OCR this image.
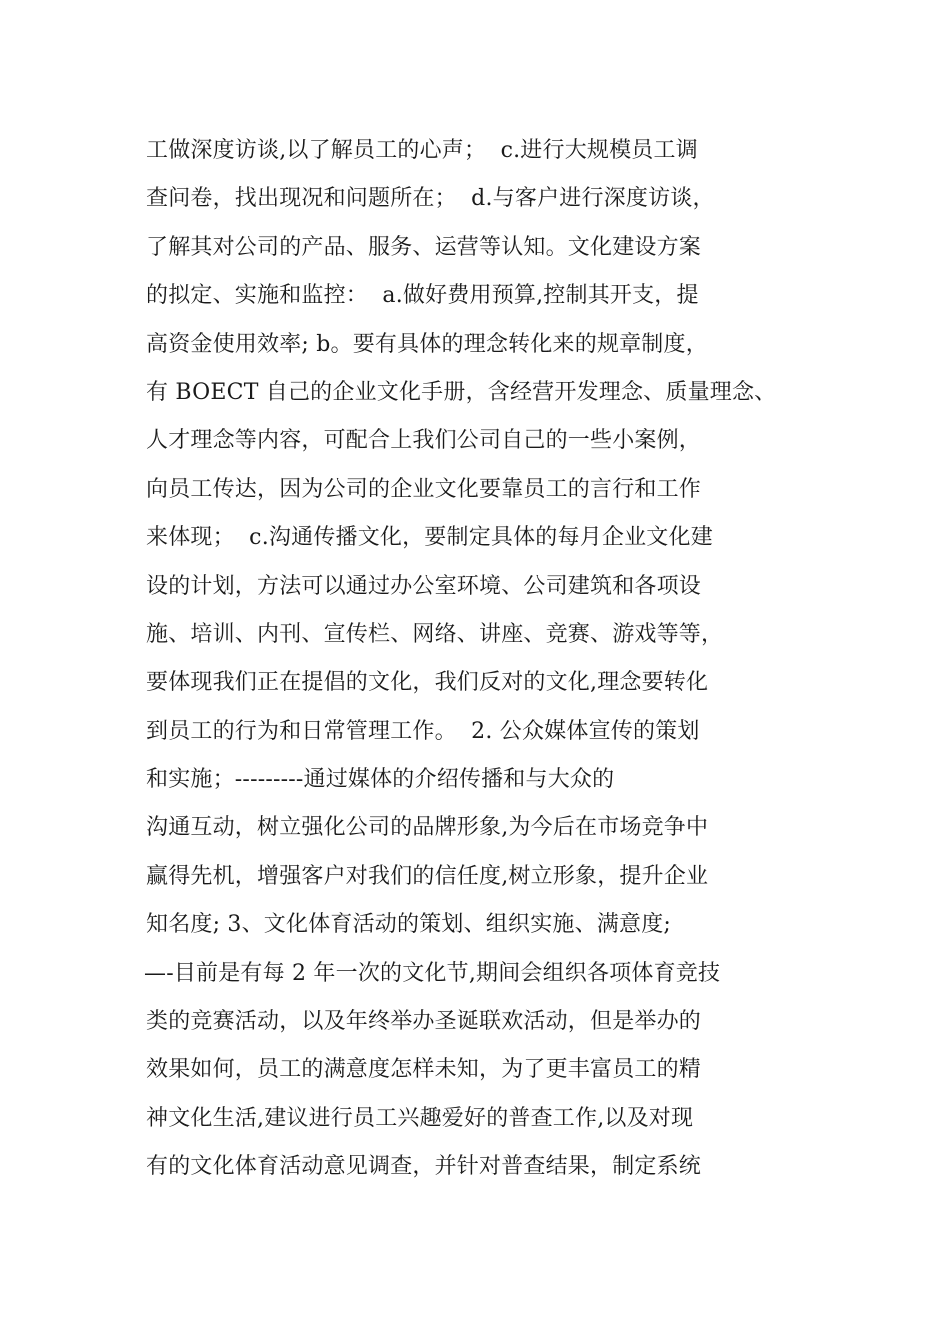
工做深度访谈,以了解员工的心声；  c.进行大规模员工调
查问卷，找出现况和问题所在；  d.与客户进行深度访谈，
了解其对公司的产品、服务、运营等认知。文化建设方案
的拟定、实施和监控：  a.做好费用预算,控制其开支，提
高资金使用效率; b。要有具体的理念转化来的规章制度，
有 BOECT 自己的企业文化手册，含经营开发理念、质量理念、
人才理念等内容，可配合上我们公司自己的一些小案例，
向员工传达，因为公司的企业文化要靠员工的言行和工作
来体现；  c.沟通传播文化，要制定具体的每月企业文化建
设的计划，方法可以通过办公室环境、公司建筑和各项设
施、培训、内刊、宣传栏、网络、讲座、竞赛、游戏等等，
要体现我们正在提倡的文化，我们反对的文化,理念要转化
到员工的行为和日常管理工作。  2. 公众媒体宣传的策划
和实施；---------通过媒体的介绍传播和与大众的
沟通互动，树立强化公司的品牌形象,为今后在市场竞争中
赢得先机，增强客户对我们的信任度,树立形象，提升企业
知名度; 3、文化体育活动的策划、组织实施、满意度;
—-目前是有每 2 年一次的文化节,期间会组织各项体育竞技
类的竞赛活动，以及年终举办圣诞联欢活动，但是举办的
效果如何，员工的满意度怎样未知，为了更丰富员工的精
神文化生活,建议进行员工兴趣爱好的普查工作,以及对现
有的文化体育活动意见调查，并针对普查结果，制定系统
